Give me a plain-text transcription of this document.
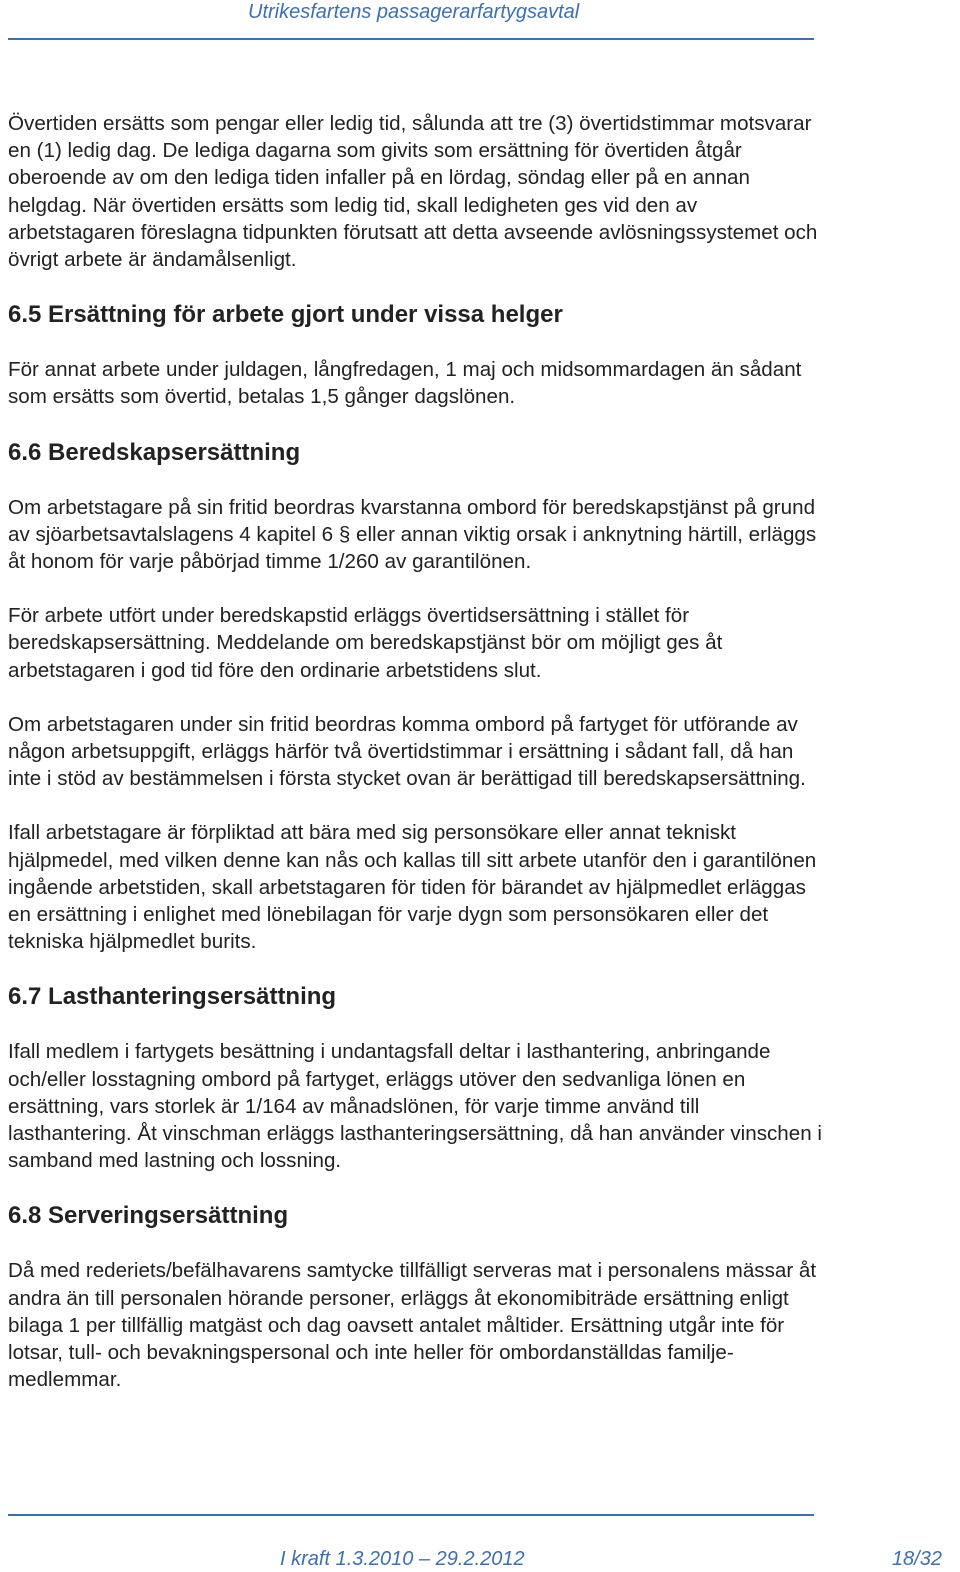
Utrikesfartens passagerarfartygsavtal

Övertiden ersätts som pengar eller ledig tid, sålunda att tre (3) övertidstimmar motsvarar en (1) ledig dag. De lediga dagarna som givits som ersättning för övertiden åtgår oberoende av om den lediga tiden infaller på en lördag, söndag eller på en annan helgdag. När övertiden ersätts som ledig tid, skall ledigheten ges vid den av arbetstagaren föreslagna tidpunkten förutsatt att detta avseende avlösningssystemet och övrigt arbete är ändamålsenligt.

6.5 Ersättning för arbete gjort under vissa helger

För annat arbete under juldagen, långfredagen, 1 maj och midsommardagen än sådant som ersätts som övertid, betalas 1,5 gånger dagslönen.

6.6 Beredskapsersättning

Om arbetstagare på sin fritid beordras kvarstanna ombord för beredskapstjänst på grund av sjöarbetsavtalslagens 4 kapitel 6 § eller annan viktig orsak i anknytning härtill, erläggs åt honom för varje påbörjad timme 1/260 av garantilönen.

För arbete utfört under beredskapstid erläggs övertidsersättning i stället för beredskapsersättning. Meddelande om beredskapstjänst bör om möjligt ges åt arbetstagaren i god tid före den ordinarie arbetstidens slut.

Om arbetstagaren under sin fritid beordras komma ombord på fartyget för utförande av någon arbetsuppgift, erläggs härför två övertidstimmar i ersättning i sådant fall, då han inte i stöd av bestämmelsen i första stycket ovan är berättigad till beredskapsersättning.

Ifall arbetstagare är förpliktad att bära med sig personsökare eller annat tekniskt hjälpmedel, med vilken denne kan nås och kallas till sitt arbete utanför den i garantilönen ingående arbetstiden, skall arbetstagaren för tiden för bärandet av hjälpmedlet erläggas en ersättning i enlighet med lönebilagan för varje dygn som personsökaren eller det tekniska hjälpmedlet burits.

6.7 Lasthanteringsersättning

Ifall medlem i fartygets besättning i undantagsfall deltar i lasthantering, anbringande och/eller losstagning ombord på fartyget, erläggs utöver den sedvanliga lönen en ersättning, vars storlek är 1/164 av månadslönen, för varje timme använd till lasthantering. Åt vinschman erläggs lasthanteringsersättning, då han använder vinschen i samband med lastning och lossning.

6.8 Serveringsersättning

Då med rederiets/befälhavarens samtycke tillfälligt serveras mat i personalens mässar åt andra än till personalen hörande personer, erläggs åt ekonomibiträde ersättning enligt bilaga 1 per tillfällig matgäst och dag oavsett antalet måltider. Ersättning utgår inte för lotsar, tull- och bevakningspersonal och inte heller för ombordanställdas familje-medlemmar.

I kraft 1.3.2010 – 29.2.2012	18/32
